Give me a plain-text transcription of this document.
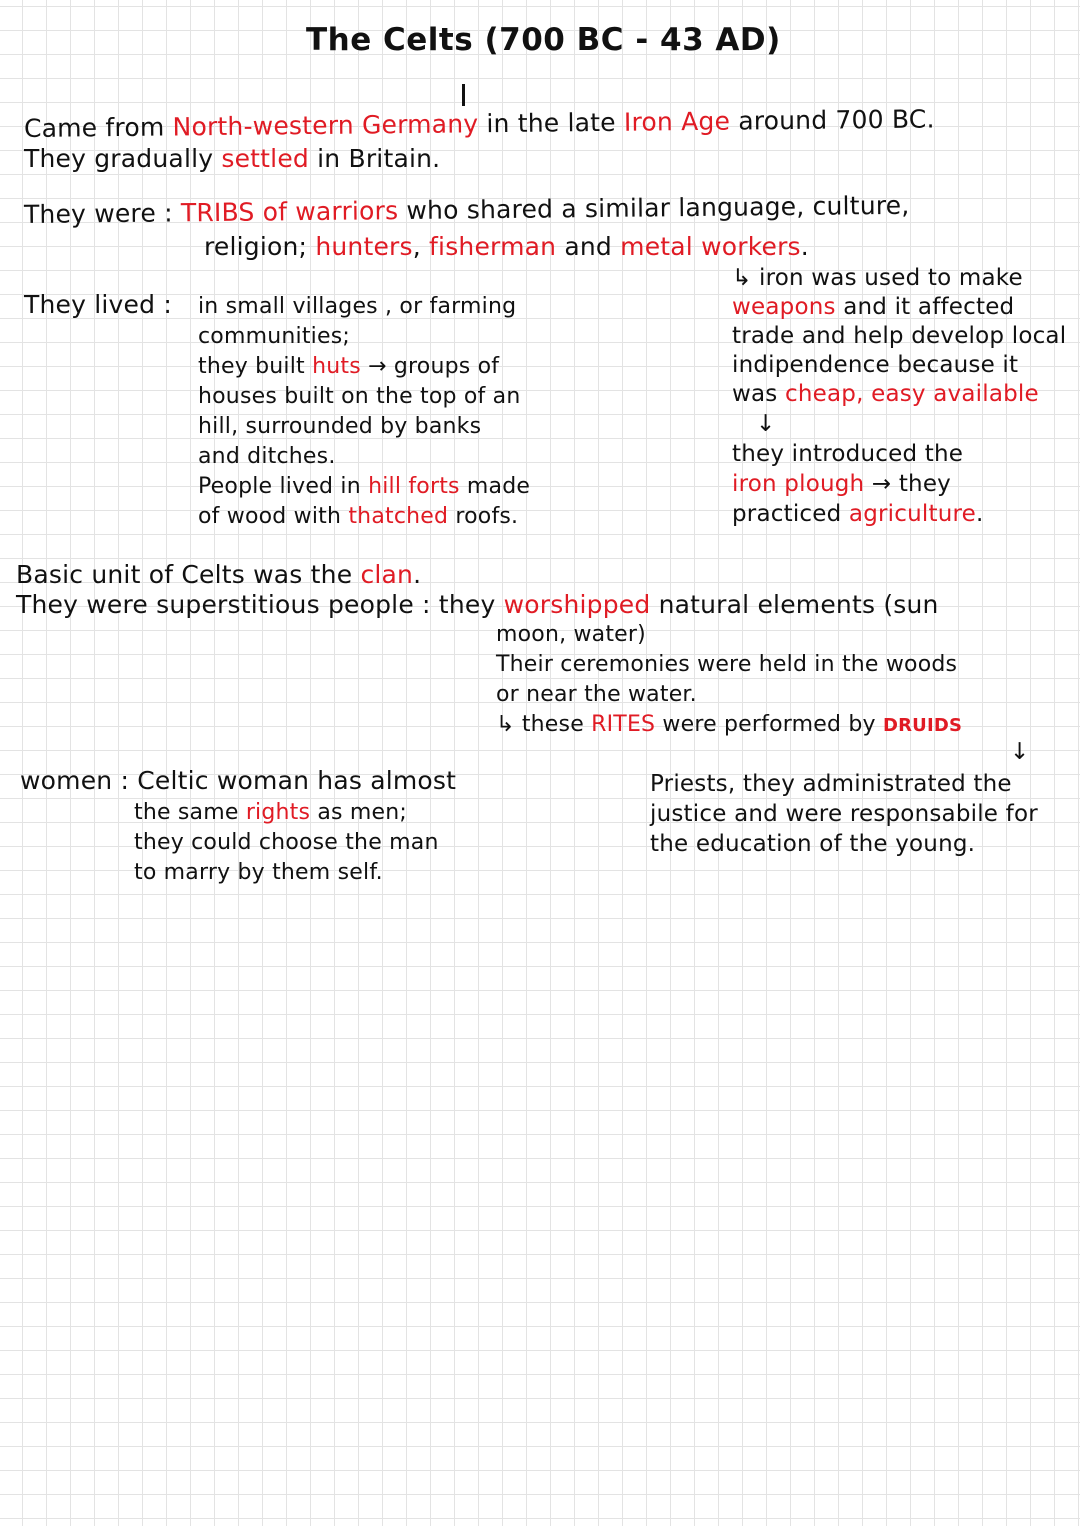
The Celts (700 BC - 43 AD)
Came from North-western Germany in the late Iron Age around 700 BC.
They gradually settled in Britain.
They were : TRIBS of warriors who shared a similar language, culture,
religion; hunters, fisherman and metal workers.
They lived : in small villages , or farming
communities;
they built huts → groups of
houses built on the top of an
hill, surrounded by banks
and ditches.
People lived in hill forts made
of wood with thatched roofs.
↳ iron was used to make
weapons and it affected
trade and help develop local
indipendence because it
was cheap, easy available
↓
they introduced the
iron plough → they
practiced agriculture.
Basic unit of Celts was the clan.
They were superstitious people : they worshipped natural elements (sun
moon, water)
Their ceremonies were held in the woods
or near the water.
↳ these RITES were performed by DRUIDS
↓
Priests, they administrated the
justice and were responsabile for
the education of the young.
women : Celtic woman has almost
the same rights as men;
they could choose the man
to marry by them self.
